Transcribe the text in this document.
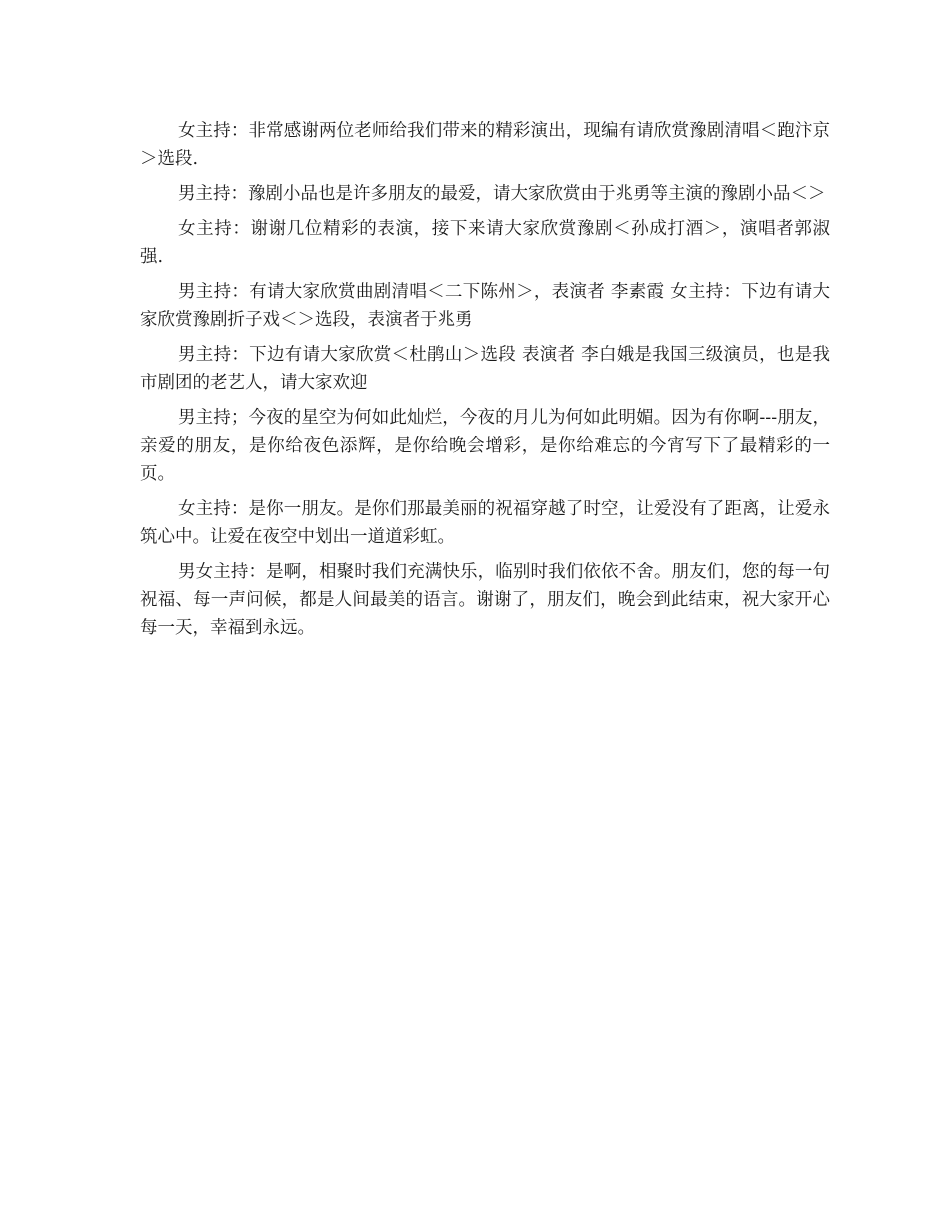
女主持：非常感谢两位老师给我们带来的精彩演出，现编有请欣赏豫剧清唱＜跑汴京＞选段.

男主持：豫剧小品也是许多朋友的最爱，请大家欣赏由于兆勇等主演的豫剧小品＜＞

女主持：谢谢几位精彩的表演，接下来请大家欣赏豫剧＜孙成打酒＞，演唱者郭淑强.

男主持：有请大家欣赏曲剧清唱＜二下陈州＞，表演者 李素霞 女主持：下边有请大家欣赏豫剧折子戏＜＞选段，表演者于兆勇

男主持：下边有请大家欣赏＜杜鹃山＞选段 表演者 李白娥是我国三级演员，也是我市剧团的老艺人，请大家欢迎

男主持；今夜的星空为何如此灿烂，今夜的月儿为何如此明媚。因为有你啊---朋友，亲爱的朋友，是你给夜色添辉，是你给晚会增彩，是你给难忘的今宵写下了最精彩的一页。

女主持：是你一朋友。是你们那最美丽的祝福穿越了时空，让爱没有了距离，让爱永筑心中。让爱在夜空中划出一道道彩虹。

男女主持：是啊，相聚时我们充满快乐，临别时我们依依不舍。朋友们，您的每一句祝福、每一声问候，都是人间最美的语言。谢谢了，朋友们，晚会到此结束，祝大家开心每一天，幸福到永远。
